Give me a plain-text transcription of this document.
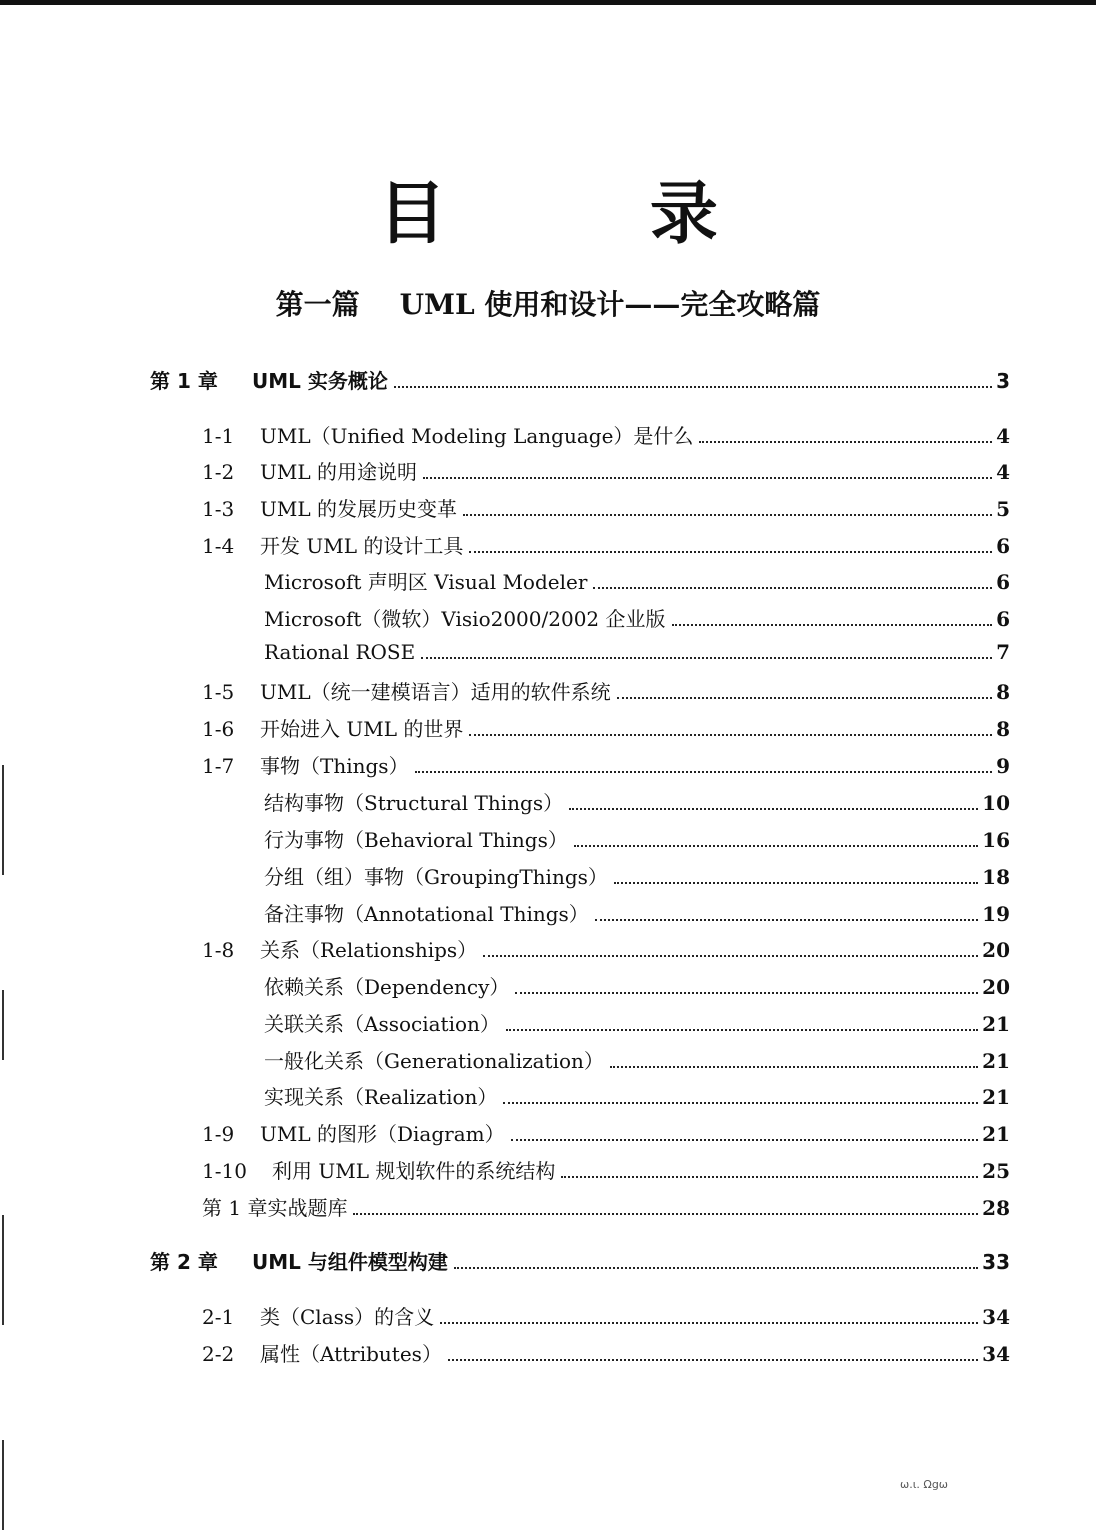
目 录
第一篇 UML 使用和设计——完全攻略篇
第 1 章	UML 实务概论	3
1-1	UML（Unified Modeling Language）是什么	4
1-2	UML 的用途说明	4
1-3	UML 的发展历史变革	5
1-4	开发 UML 的设计工具	6
Microsoft 声明区 Visual Modeler	6
Microsoft（微软）Visio2000/2002 企业版	6
Rational ROSE	7
1-5	UML（统一建模语言）适用的软件系统	8
1-6	开始进入 UML 的世界	8
1-7	事物（Things）	9
结构事物（Structural Things）	10
行为事物（Behavioral Things）	16
分组（组）事物（GroupingThings）	18
备注事物（Annotational Things）	19
1-8	关系（Relationships）	20
依赖关系（Dependency）	20
关联关系（Association）	21
一般化关系（Generationalization）	21
实现关系（Realization）	21
1-9	UML 的图形（Diagram）	21
1-10	利用 UML 规划软件的系统结构	25
第 1 章实战题库	28
第 2 章	UML 与组件模型构建	33
2-1	类（Class）的含义	34
2-2	属性（Attributes）	34
ω.ι. Ωgω
